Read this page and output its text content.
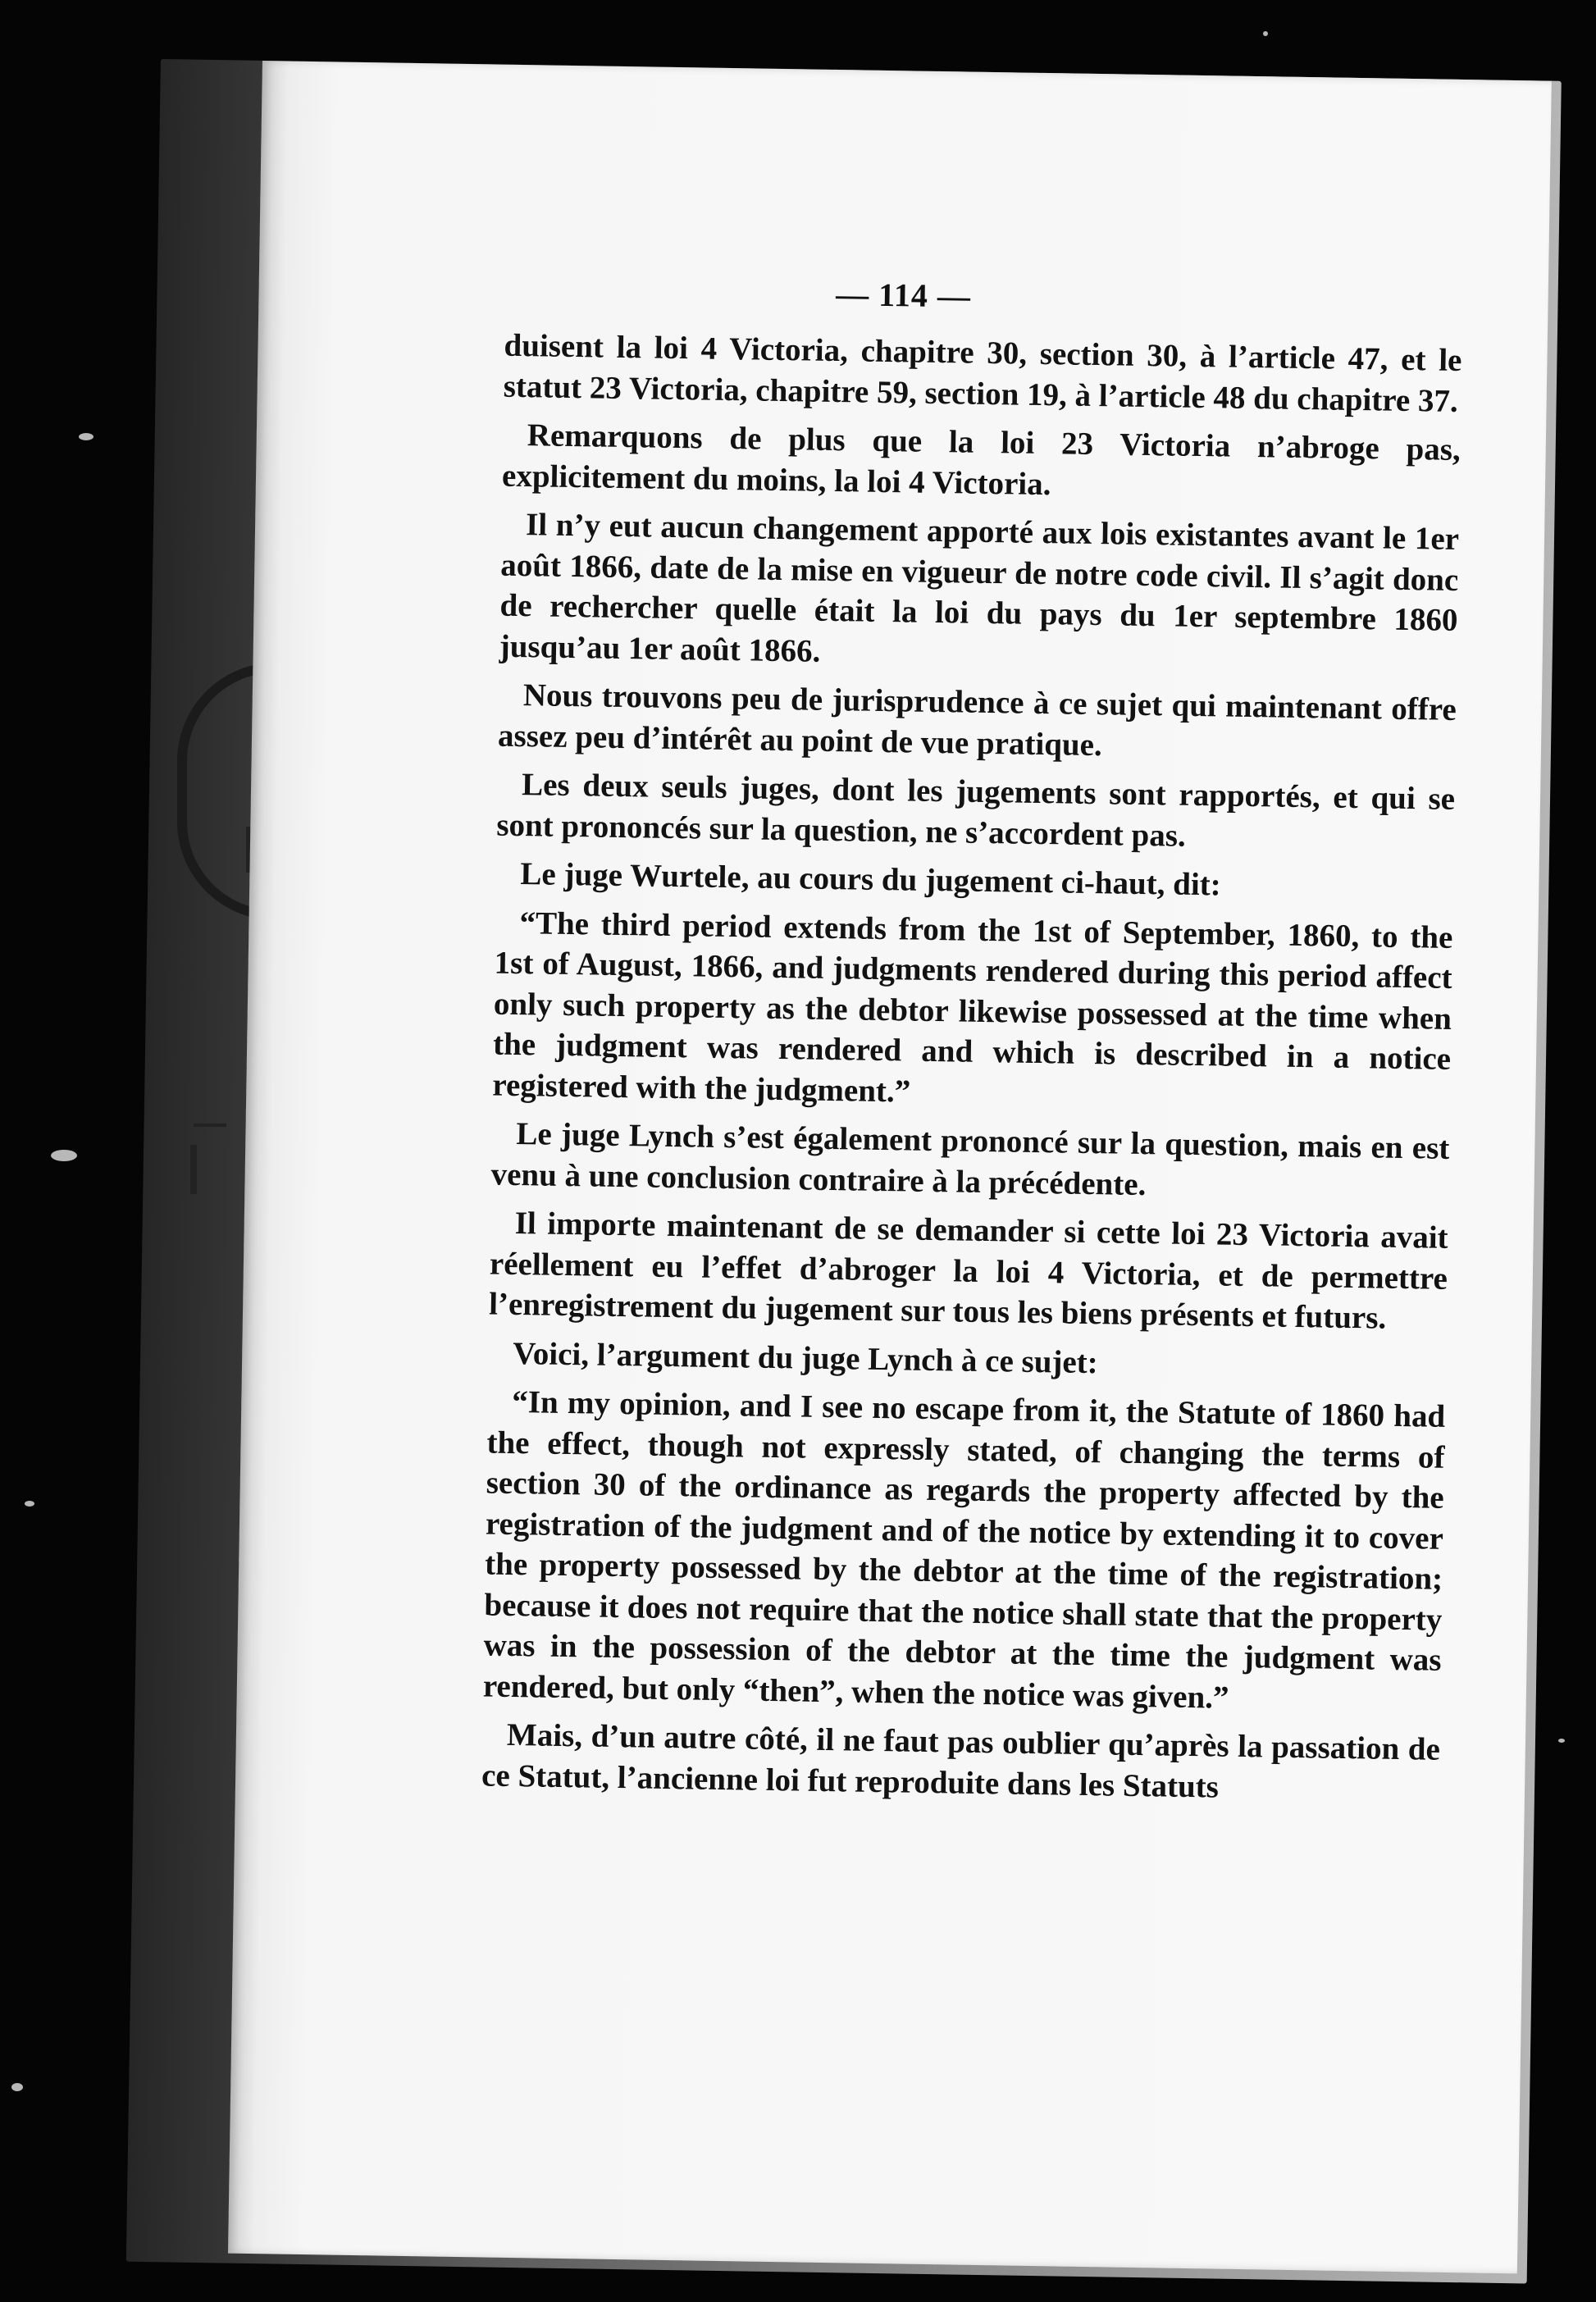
— 114 —

duisent la loi 4 Victoria, chapitre 30, section 30, à l’article 47, et le statut 23 Victoria, chapitre 59, section 19, à l’article 48 du chapitre 37.

Remarquons de plus que la loi 23 Victoria n’abroge pas, explicitement du moins, la loi 4 Victoria.

Il n’y eut aucun changement apporté aux lois existantes avant le 1er août 1866, date de la mise en vigueur de notre code civil. Il s’agit donc de rechercher quelle était la loi du pays du 1er septembre 1860 jusqu’au 1er août 1866.

Nous trouvons peu de jurisprudence à ce sujet qui maintenant offre assez peu d’intérêt au point de vue pratique.

Les deux seuls juges, dont les jugements sont rapportés, et qui se sont prononcés sur la question, ne s’accordent pas.

Le juge Wurtele, au cours du jugement ci-haut, dit:

“The third period extends from the 1st of September, 1860, to the 1st of August, 1866, and judgments rendered during this period affect only such property as the debtor likewise possessed at the time when the judgment was rendered and which is described in a notice registered with the judgment.”

Le juge Lynch s’est également prononcé sur la question, mais en est venu à une conclusion contraire à la précédente.

Il importe maintenant de se demander si cette loi 23 Victoria avait réellement eu l’effet d’abroger la loi 4 Victoria, et de permettre l’enregistrement du jugement sur tous les biens présents et futurs.

Voici, l’argument du juge Lynch à ce sujet:

“In my opinion, and I see no escape from it, the Statute of 1860 had the effect, though not expressly stated, of changing the terms of section 30 of the ordinance as regards the property affected by the registration of the judgment and of the notice by extending it to cover the property possessed by the debtor at the time of the registration; because it does not require that the notice shall state that the property was in the possession of the debtor at the time the judgment was rendered, but only “then”, when the notice was given.”

Mais, d’un autre côté, il ne faut pas oublier qu’après la passation de ce Statut, l’ancienne loi fut reproduite dans les Statuts
